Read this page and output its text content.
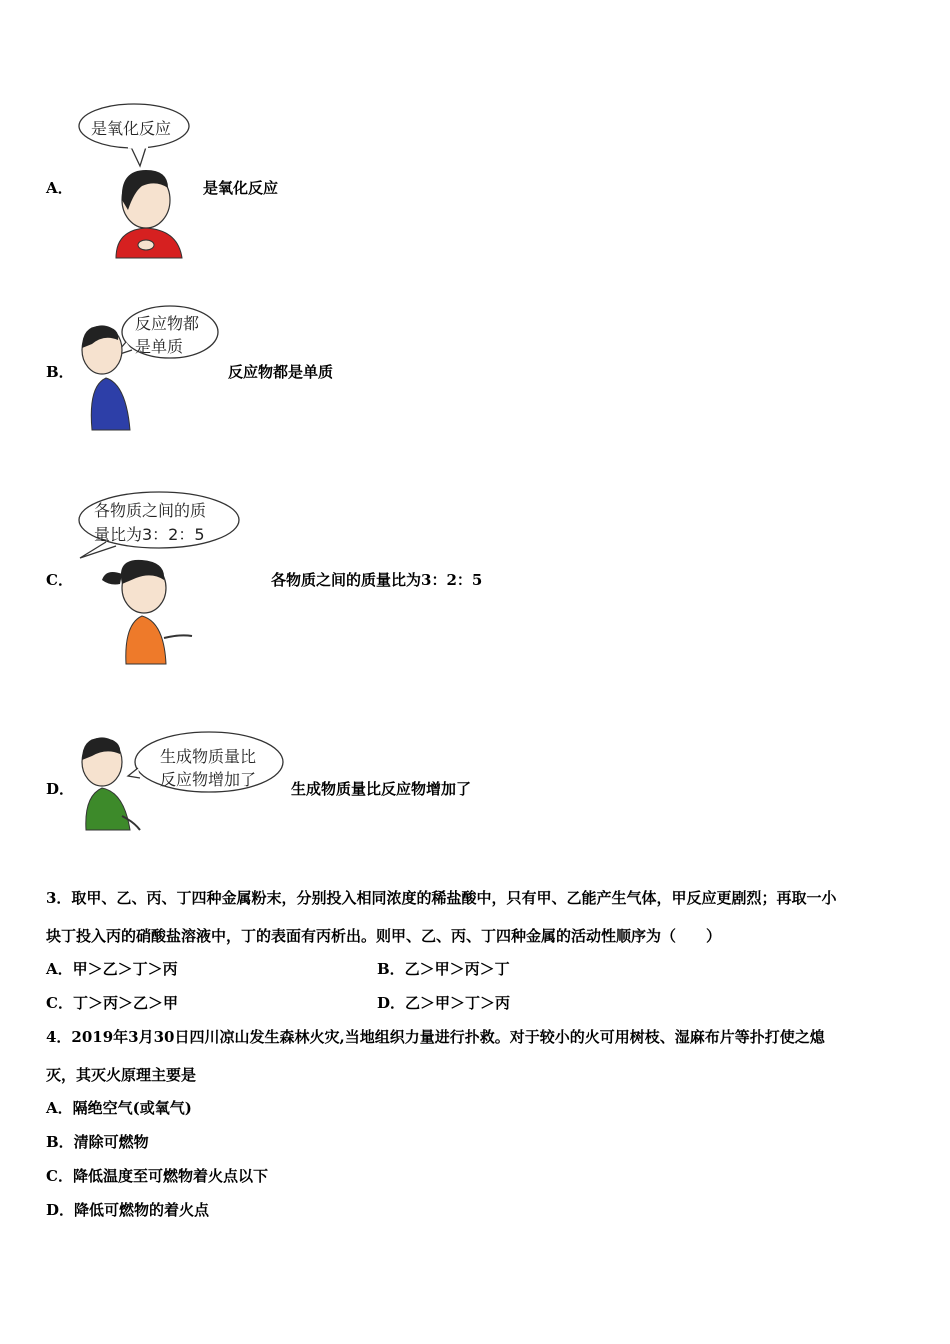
A．
是氧化反应
是氧化反应
B．
反应物都
是单质
反应物都是单质
C．
各物质之间的质
量比为3：2：5
各物质之间的质量比为3：2：5
D．
生成物质量比
反应物增加了 生成物质量比反应物增加了
3．取甲、乙、丙、丁四种金属粉末，分别投入相同浓度的稀盐酸中，只有甲、乙能产生气体，甲反应更剧烈；再取一小
块丁投入丙的硝酸盐溶液中，丁的表面有丙析出。则甲、乙、丙、丁四种金属的活动性顺序为（　　）
A．甲＞乙＞丁＞丙	B．乙＞甲＞丙＞丁
C．丁＞丙＞乙＞甲	D．乙＞甲＞丁＞丙
4．2019年3月30日四川凉山发生森林火灾,当地组织力量进行扑救。对于较小的火可用树枝、湿麻布片等扑打使之熄
灭，其灭火原理主要是
A．隔绝空气(或氧气)
B．清除可燃物
C．降低温度至可燃物着火点以下
D．降低可燃物的着火点
